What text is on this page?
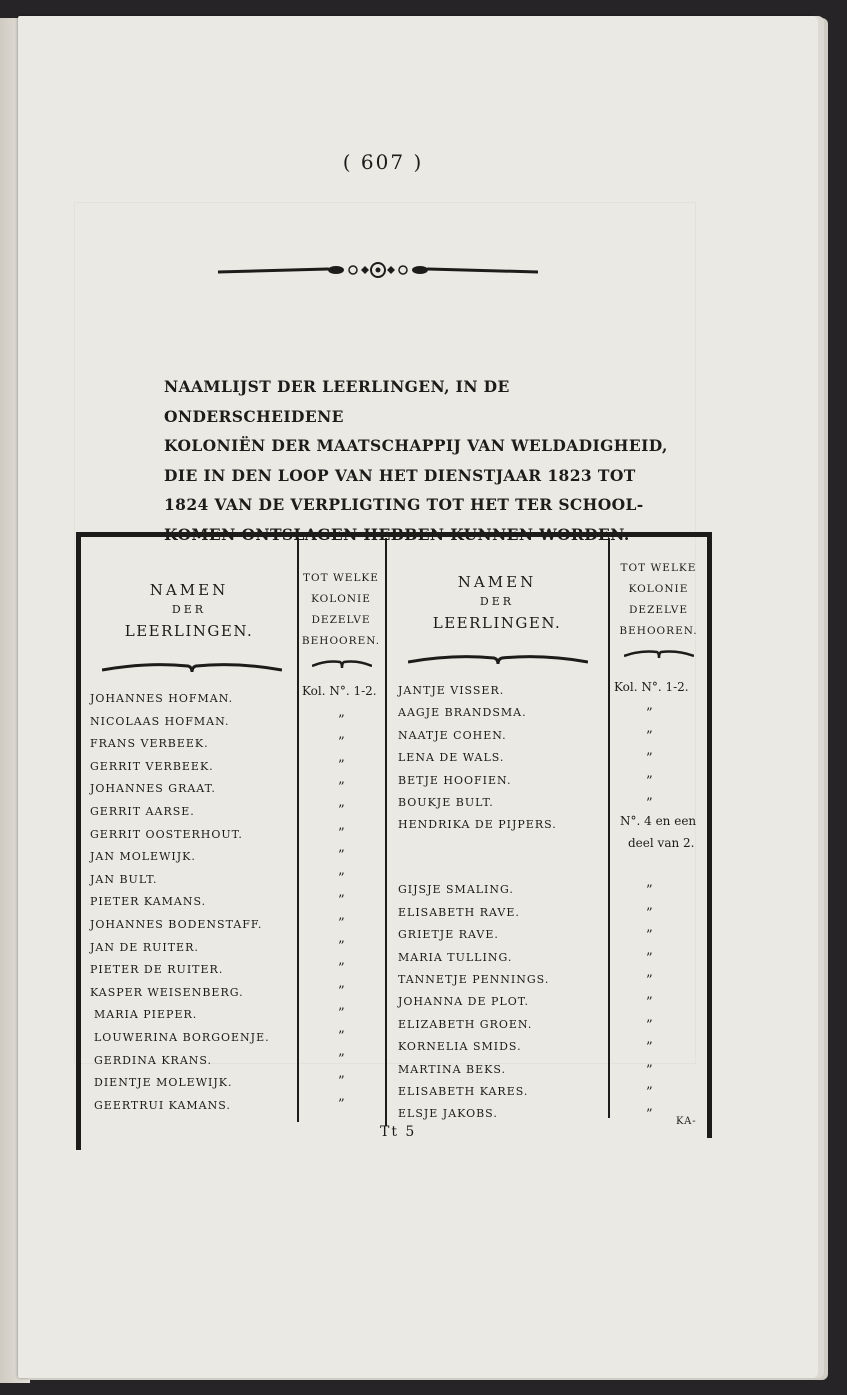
( 607 )
NAAMLIJST DER LEERLINGEN, IN DE ONDERSCHEIDENE
KOLONIËN DER MAATSCHAPPIJ VAN WELDADIGHEID,
DIE IN DEN LOOP VAN HET DIENSTJAAR 1823 TOT
1824 VAN DE VERPLIGTING TOT HET TER SCHOOL-

NAMEN
DER
LEERLINGEN.
TOT WELKE
KOLONIE
DEZELVE
BEHOOREN.
NAMEN
DER
LEERLINGEN.
TOT WELKE
KOLONIE
DEZELVE
BEHOOREN.
JOHANNES HOFMAN.
NICOLAAS HOFMAN.
FRANS VERBEEK.
GERRIT VERBEEK.
JOHANNES GRAAT.
GERRIT AARSE.
GERRIT OOSTERHOUT.
JAN MOLEWIJK.
JAN BULT.
PIETER KAMANS.
JOHANNES BODENSTAFF.
JAN DE RUITER.
PIETER DE RUITER.
KASPER WEISENBERG.
MARIA PIEPER.
LOUWERINA BORGOENJE.
GERDINA KRANS.
DIENTJE MOLEWIJK.
GEERTRUI KAMANS.
JANTJE VISSER.
AAGJE BRANDSMA.
NAATJE COHEN.
LENA DE WALS.
BETJE HOOFIEN.
BOUKJE BULT.
HENDRIKA DE PIJPERS.
GIJSJE SMALING.
ELISABETH RAVE.
GRIETJE RAVE.
MARIA TULLING.
TANNETJE PENNINGS.
JOHANNA DE PLOT.
ELIZABETH GROEN.
KORNELIA SMIDS.
MARTINA BEKS.
ELISABETH KARES.
ELSJE JAKOBS.
Kol. N°. 1-2.	Kol. N°. 1-2.
N°. 4 en een
deel van 2.
”
”
”
”
”
”
”
”
”
”
”
”
”
”
”
”
”
”
”
”
”
”
”
”
”
”
”
”
”
”
”
”
”
”
Tt 5
KA-
